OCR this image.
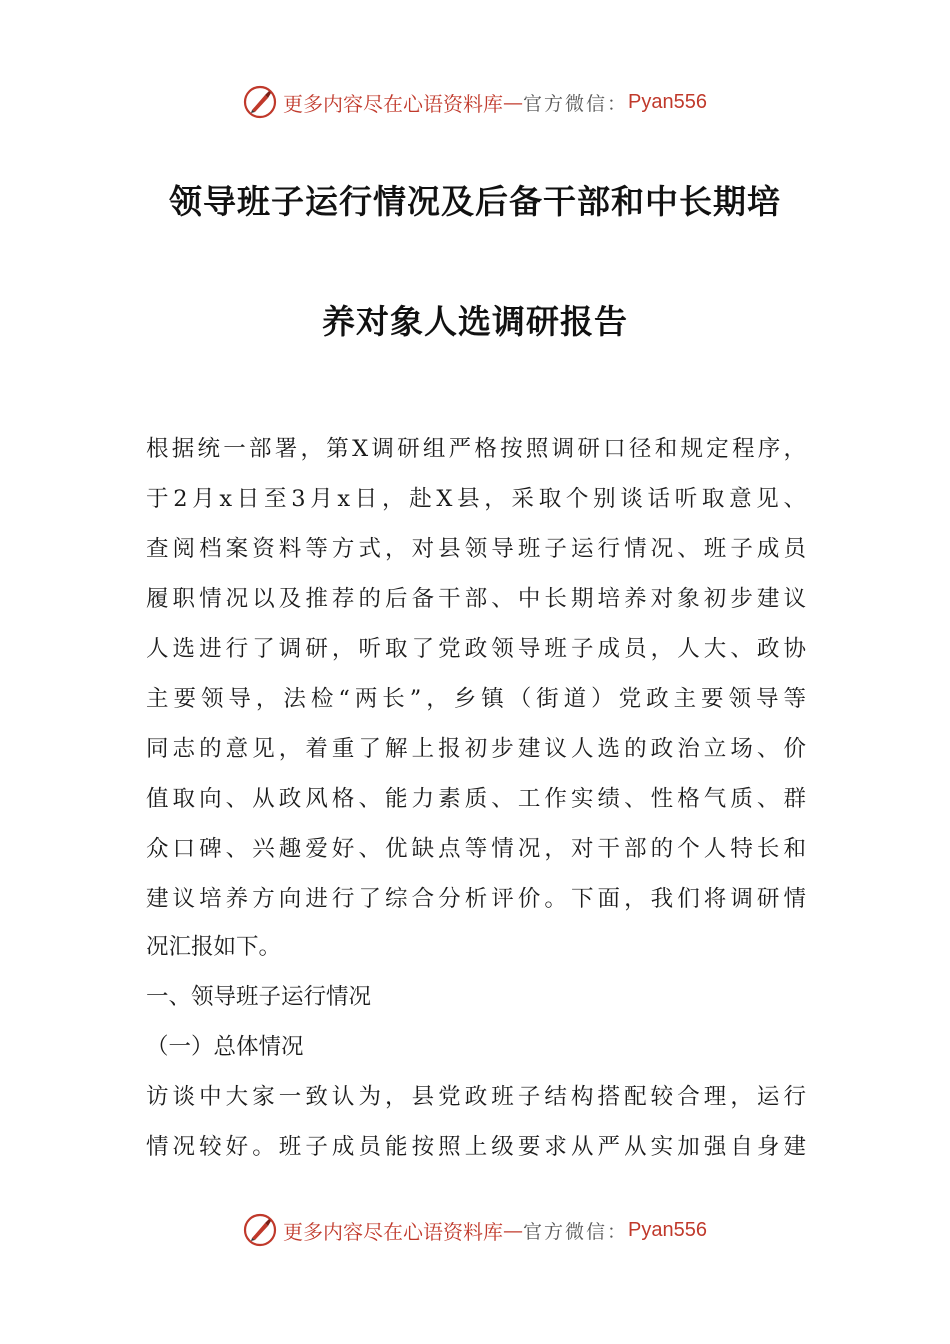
更多内容尽在心语资料库 — 官方微信： Pyan556
领导班子运行情况及后备干部和中长期培
养对象人选调研报告
根据统一部署，第X调研组严格按照调研口径和规定程序，
于2月x日至3月x日，赴X县，采取个别谈话听取意见、
查阅档案资料等方式，对县领导班子运行情况、班子成员
履职情况以及推荐的后备干部、中长期培养对象初步建议
人选进行了调研，听取了党政领导班子成员，人大、政协
主要领导，法检“两长”，乡镇（街道）党政主要领导等
同志的意见，着重了解上报初步建议人选的政治立场、价
值取向、从政风格、能力素质、工作实绩、性格气质、群
众口碑、兴趣爱好、优缺点等情况，对干部的个人特长和
建议培养方向进行了综合分析评价。下面，我们将调研情
况汇报如下。
一、领导班子运行情况
（一）总体情况
访谈中大家一致认为，县党政班子结构搭配较合理，运行
情况较好。班子成员能按照上级要求从严从实加强自身建
更多内容尽在心语资料库 — 官方微信： Pyan556
